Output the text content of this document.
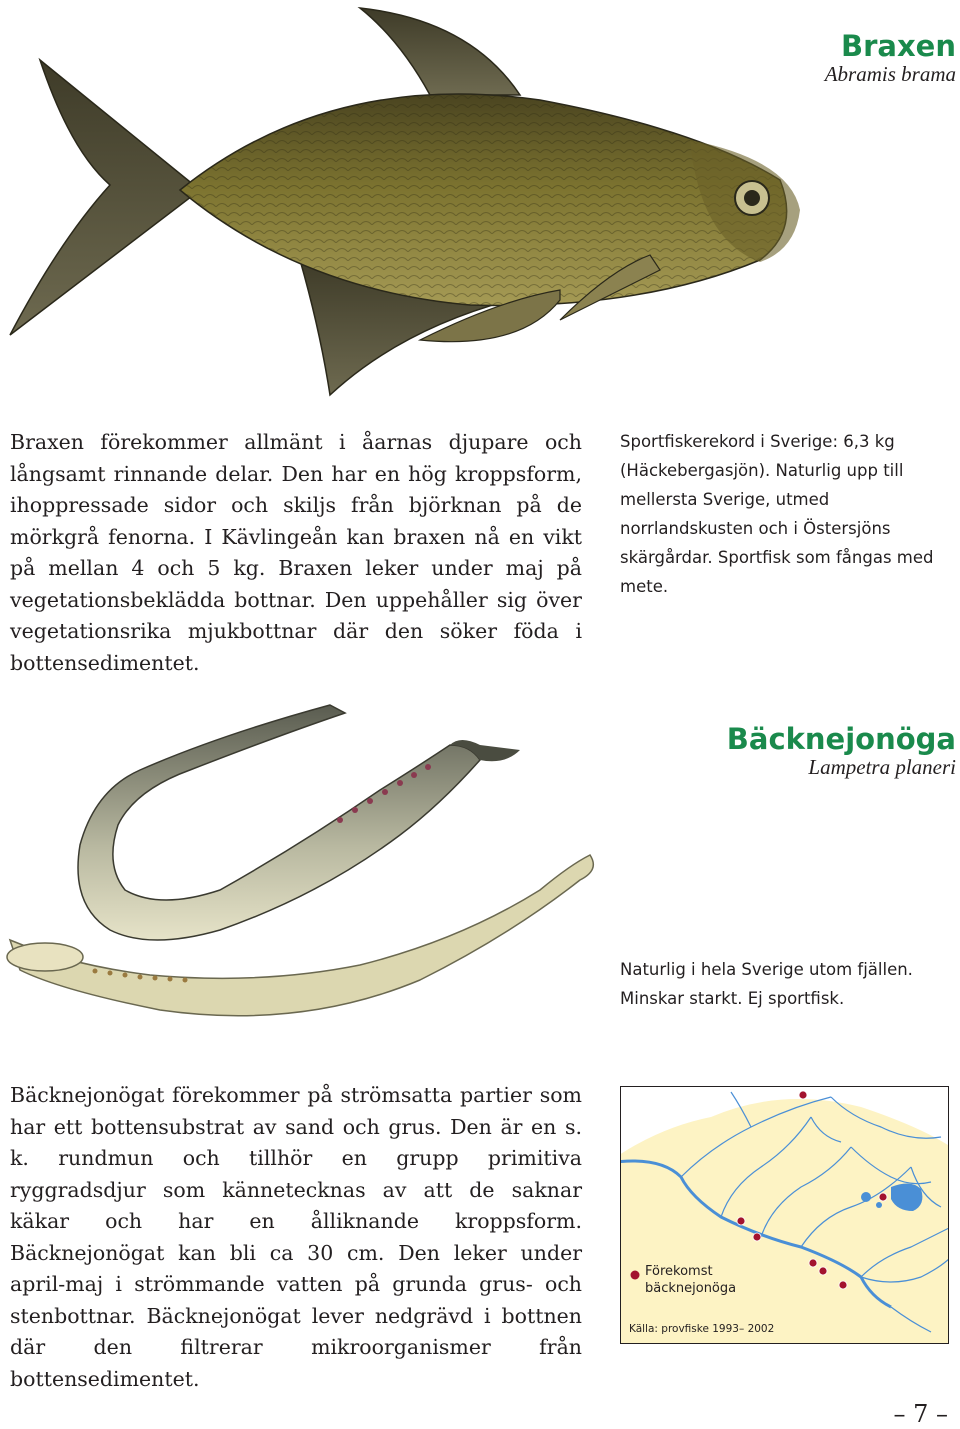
Braxen
Abramis brama
Braxen förekommer allmänt i åarnas djupare och långsamt rinnande delar. Den har en hög kroppsform, ihoppressade sidor och skiljs från björknan på de mörkgrå fenorna. I Kävlingeån kan braxen nå en vikt på mellan 4 och 5 kg. Braxen leker under maj på vegetationsbeklädda bottnar. Den uppehåller sig över vegetationsrika mjukbottnar där den söker föda i bottensedimentet.
Sportfiskerekord i Sverige: 6,3 kg (Häckebergasjön). Naturlig upp till mellersta Sverige, utmed norrlandskusten och i Östersjöns skärgårdar. Sportfisk som fångas med mete.
Bäcknejonöga
Lampetra planeri
Naturlig i hela Sverige utom fjällen. Minskar starkt. Ej sportfisk.
Bäcknejonögat förekommer på strömsatta partier som har ett bottensubstrat av sand och grus. Den är en s. k. rundmun och tillhör en grupp primitiva ryggradsdjur som kännetecknas av att de saknar käkar och har en ålliknande kroppsform. Bäcknejonögat kan bli ca 30 cm. Den leker under april-maj i strömmande vatten på grunda grus- och stenbottnar. Bäcknejonögat lever nedgrävd i bottnen där den filtrerar mikroorganismer från bottensedimentet.
Förekomst
bäcknejonöga
Källa: provfiske 1993– 2002
– 7 –
